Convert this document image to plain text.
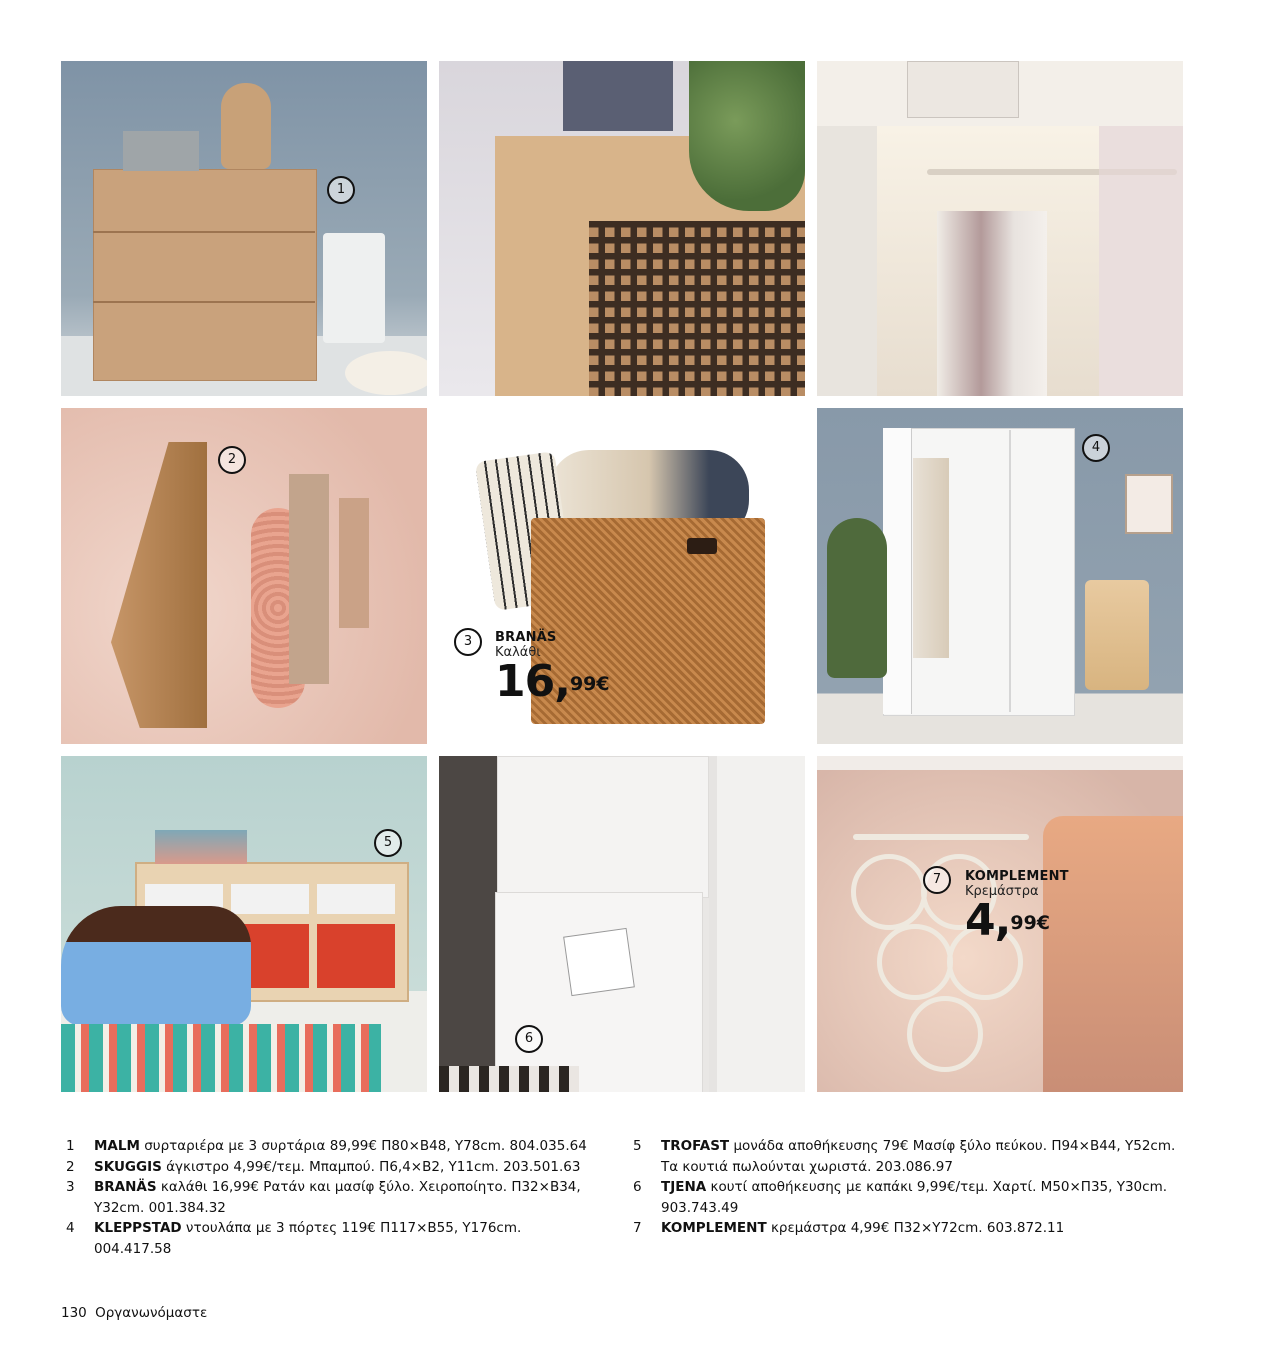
1
2
3	BRANÄS
Καλάθι
16,$^{99€}$
4
5
6
7	KOMPLEMENT
Κρεμάστρα
4,$^{99€}$
1	MALM συρταριέρα με 3 συρτάρια 89,99€ Π80×Β48, Υ78cm. 804.035.64
2	SKUGGIS άγκιστρο 4,99€/τεμ. Μπαμπού. Π6,4×Β2, Υ11cm. 203.501.63
3	BRANÄS καλάθι 16,99€ Ρατάν και μασίφ ξύλο. Χειροποίητο. Π32×Β34, Υ32cm. 001.384.32
4	KLEPPSTAD ντουλάπα με 3 πόρτες 119€ Π117×Β55, Υ176cm. 004.417.58
5	TROFAST μονάδα αποθήκευσης 79€ Μασίφ ξύλο πεύκου. Π94×Β44, Υ52cm. Τα κουτιά πωλούνται χωριστά. 203.086.97
6	TJENA κουτί αποθήκευσης με καπάκι 9,99€/τεμ. Χαρτί. Μ50×Π35, Υ30cm. 903.743.49
7	KOMPLEMENT κρεμάστρα 4,99€ Π32×Υ72cm. 603.872.11
130 Οργανωνόμαστε
